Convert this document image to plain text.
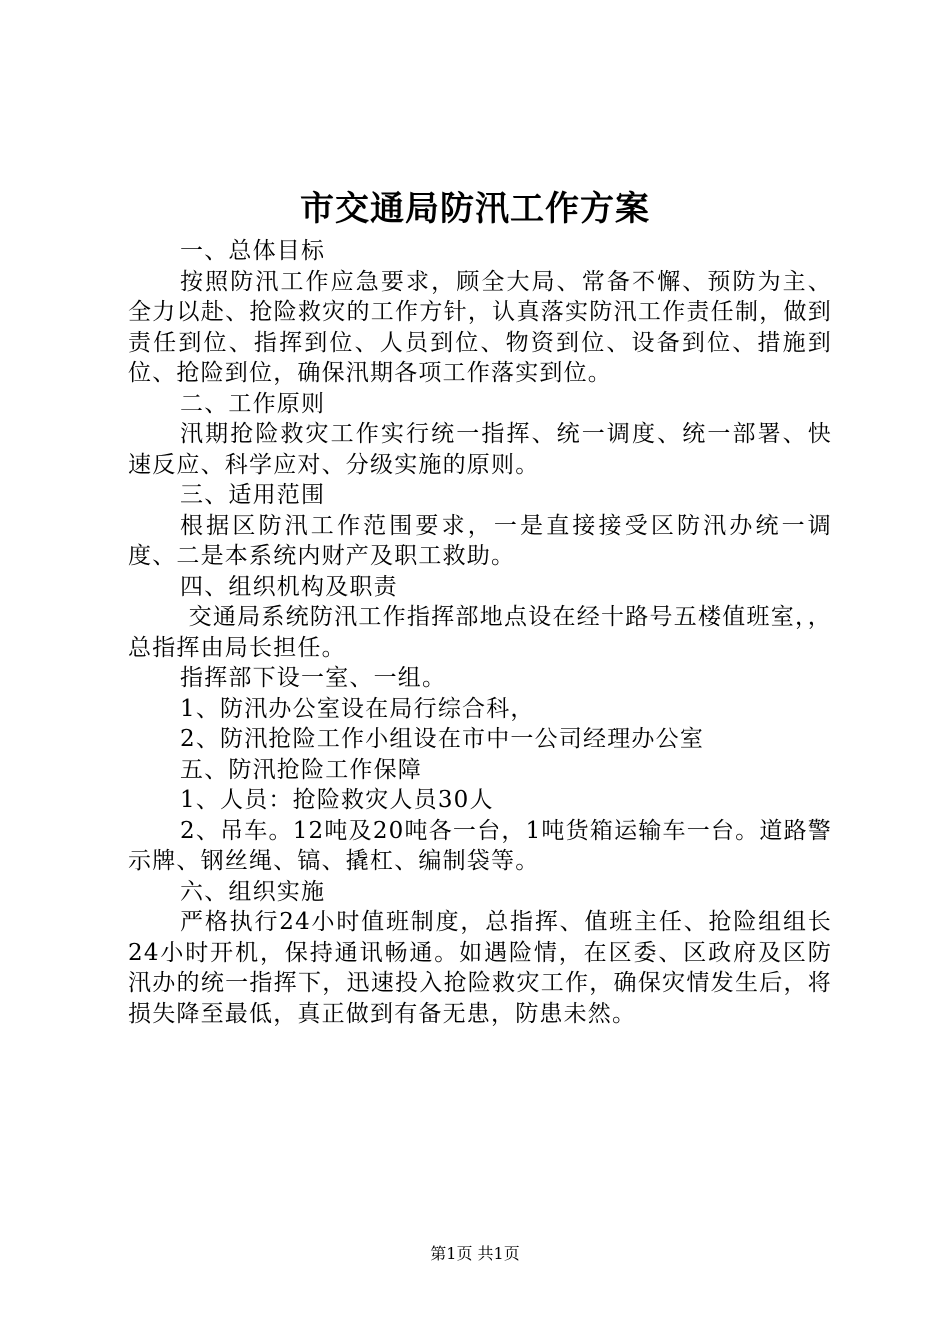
市交通局防汛工作方案

一、总体目标

按照防汛工作应急要求，顾全大局、常备不懈、预防为主、全力以赴、抢险救灾的工作方针，认真落实防汛工作责任制，做到责任到位、指挥到位、人员到位、物资到位、设备到位、措施到位、抢险到位，确保汛期各项工作落实到位。

二、工作原则

汛期抢险救灾工作实行统一指挥、统一调度、统一部署、快速反应、科学应对、分级实施的原则。

三、适用范围

根据区防汛工作范围要求，一是直接接受区防汛办统一调度、二是本系统内财产及职工救助。

四、组织机构及职责

交通局系统防汛工作指挥部地点设在经十路号五楼值班室，，总指挥由局长担任。

指挥部下设一室、一组。

1、防汛办公室设在局行综合科，

2、防汛抢险工作小组设在市中一公司经理办公室

五、防汛抢险工作保障

1、人员：抢险救灾人员30人

2、吊车。12吨及20吨各一台，1吨货箱运输车一台。道路警示牌、钢丝绳、镐、撬杠、编制袋等。

六、组织实施

严格执行24小时值班制度，总指挥、值班主任、抢险组组长24小时开机，保持通讯畅通。如遇险情，在区委、区政府及区防汛办的统一指挥下，迅速投入抢险救灾工作，确保灾情发生后，将损失降至最低，真正做到有备无患，防患未然。

第1页 共1页
